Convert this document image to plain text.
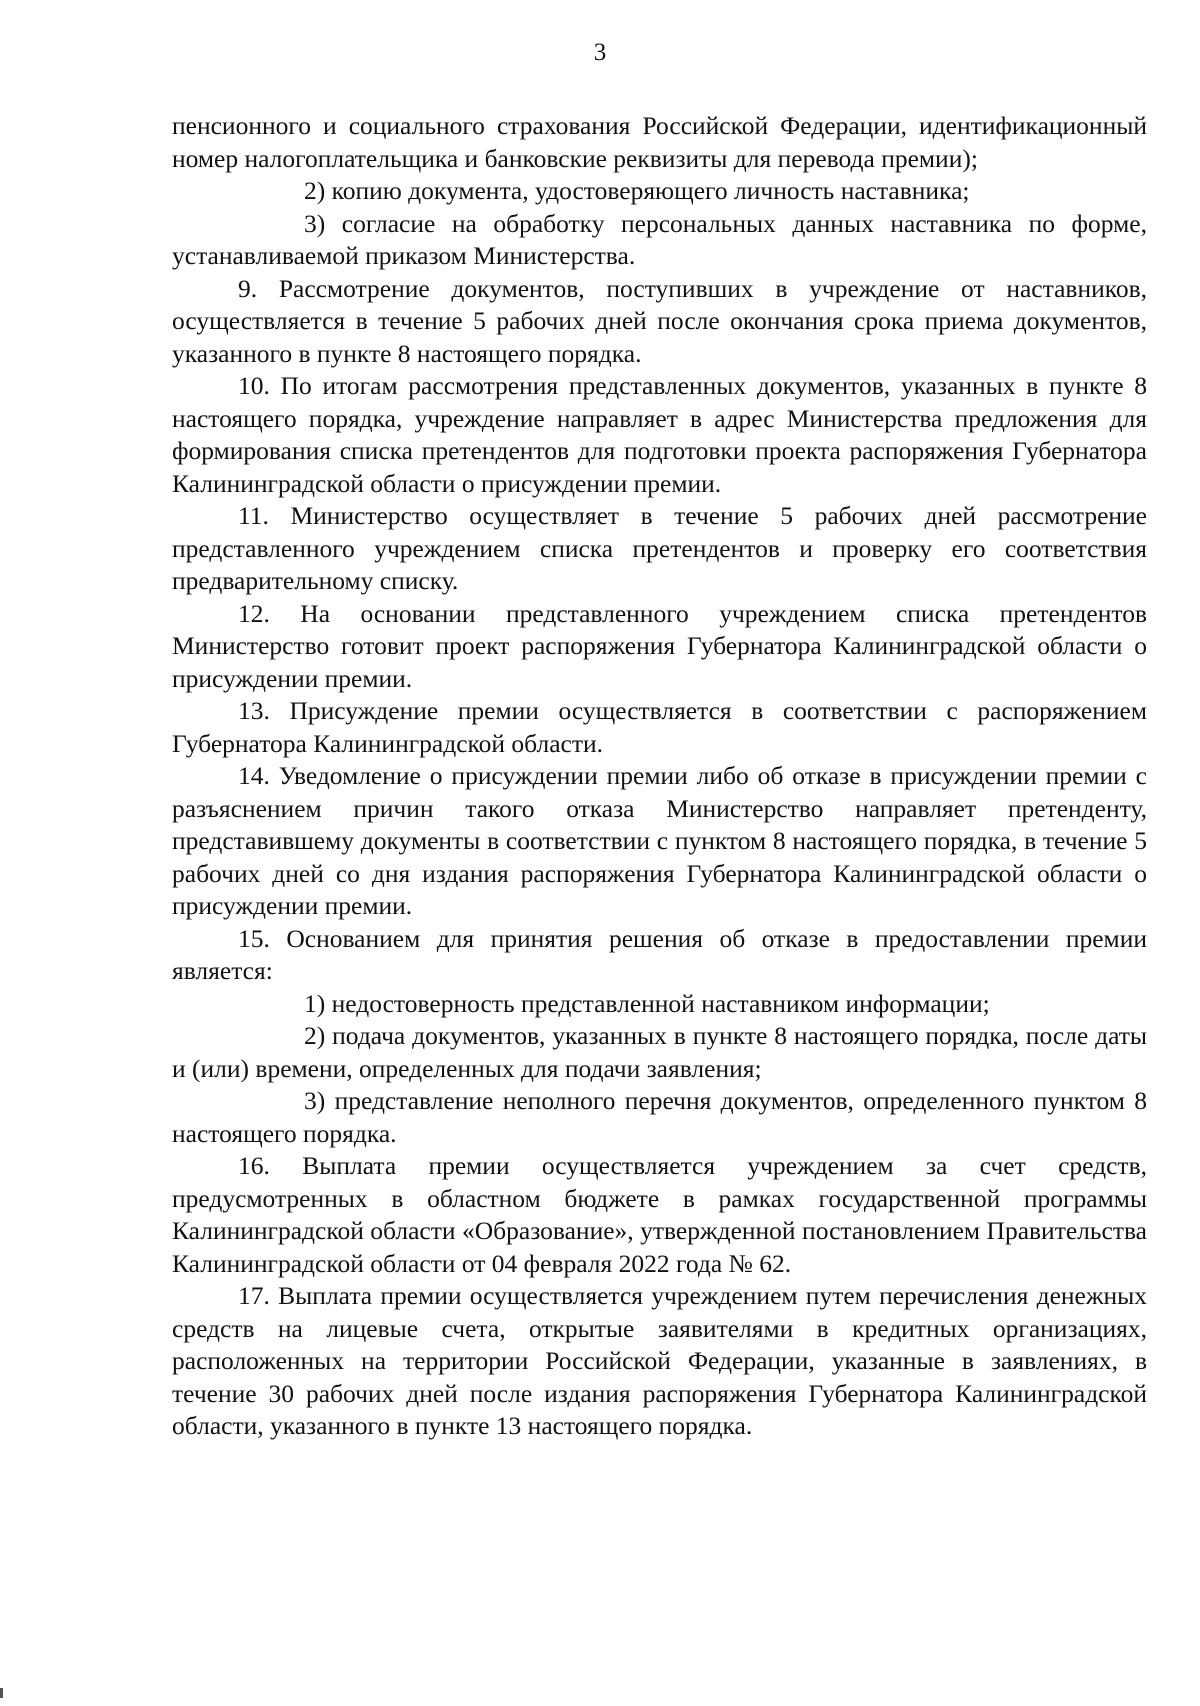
3

пенсионного и социального страхования Российской Федерации, идентификационный номер налогоплательщика и банковские реквизиты для перевода премии);

2) копию документа, удостоверяющего личность наставника;

3) согласие на обработку персональных данных наставника по форме, устанавливаемой приказом Министерства.

9. Рассмотрение документов, поступивших в учреждение от наставников, осуществляется в течение 5 рабочих дней после окончания срока приема документов, указанного в пункте 8 настоящего порядка.

10. По итогам рассмотрения представленных документов, указанных в пункте 8 настоящего порядка, учреждение направляет в адрес Министерства предложения для формирования списка претендентов для подготовки проекта распоряжения Губернатора Калининградской области о присуждении премии.

11. Министерство осуществляет в течение 5 рабочих дней рассмотрение представленного учреждением списка претендентов и проверку его соответствия предварительному списку.

12. На основании представленного учреждением списка претендентов Министерство готовит проект распоряжения Губернатора Калининградской области о присуждении премии.

13. Присуждение премии осуществляется в соответствии с распоряжением Губернатора Калининградской области.

14. Уведомление о присуждении премии либо об отказе в присуждении премии с разъяснением причин такого отказа Министерство направляет претенденту, представившему документы в соответствии с пунктом 8 настоящего порядка, в течение 5 рабочих дней со дня издания распоряжения Губернатора Калининградской области о присуждении премии.

15. Основанием для принятия решения об отказе в предоставлении премии является:

1) недостоверность представленной наставником информации;

2) подача документов, указанных в пункте 8 настоящего порядка, после даты и (или) времени, определенных для подачи заявления;

3) представление неполного перечня документов, определенного пунктом 8 настоящего порядка.

16. Выплата премии осуществляется учреждением за счет средств, предусмотренных в областном бюджете в рамках государственной программы Калининградской области «Образование», утвержденной постановлением Правительства Калининградской области от 04 февраля 2022 года № 62.

17. Выплата премии осуществляется учреждением путем перечисления денежных средств на лицевые счета, открытые заявителями в кредитных организациях, расположенных на территории Российской Федерации, указанные в заявлениях, в течение 30 рабочих дней после издания распоряжения Губернатора Калининградской области, указанного в пункте 13 настоящего порядка.
